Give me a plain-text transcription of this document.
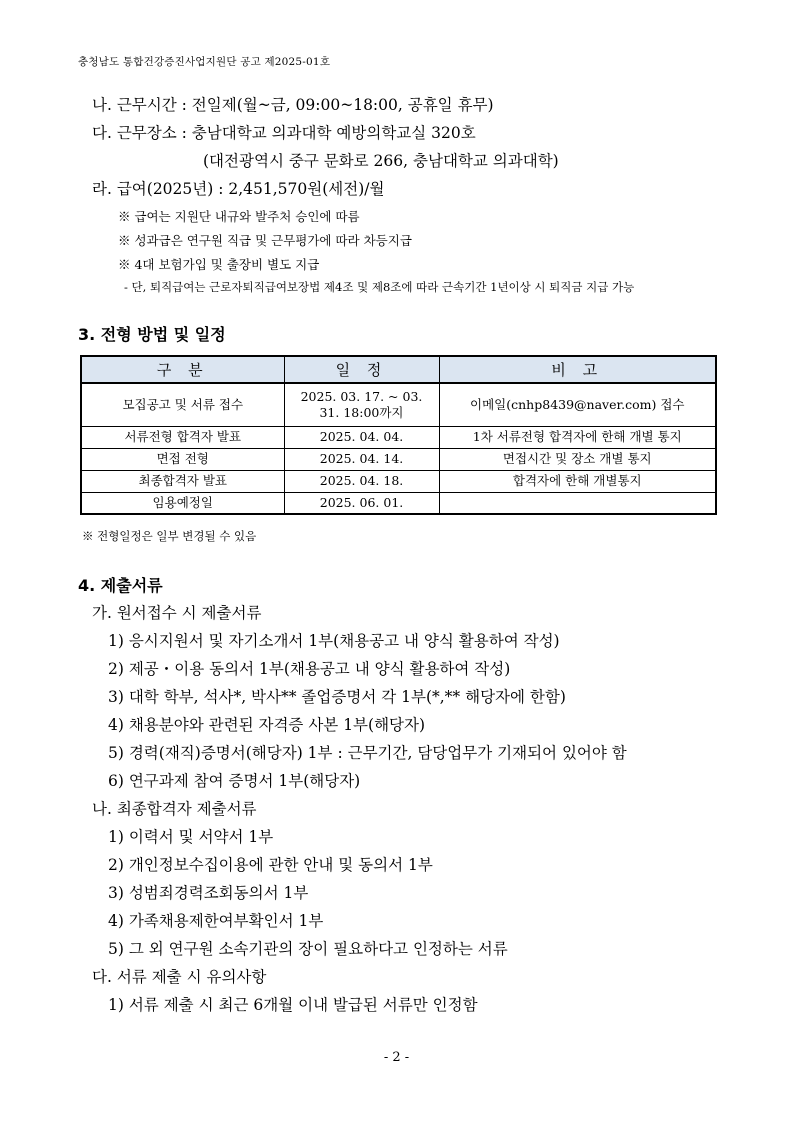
충청남도 통합건강증진사업지원단 공고 제2025-01호
나. 근무시간 : 전일제(월~금, 09:00~18:00, 공휴일 휴무)
다. 근무장소 : 충남대학교 의과대학 예방의학교실 320호
(대전광역시 중구 문화로 266, 충남대학교 의과대학)
라. 급여(2025년) : 2,451,570원(세전)/월
※ 급여는 지원단 내규와 발주처 승인에 따름
※ 성과급은 연구원 직급 및 근무평가에 따라 차등지급
※ 4대 보험가입 및 출장비 별도 지급
- 단, 퇴직급여는 근로자퇴직급여보장법 제4조 및 제8조에 따라 근속기간 1년이상 시 퇴직금 지급 가능
3. 전형 방법 및 일정
구 분	일 정	비 고
모집공고 및 서류 접수	2025. 03. 17. ~ 03. 31. 18:00까지	이메일(cnhp8439@naver.com) 접수
서류전형 합격자 발표	2025. 04. 04.	1차 서류전형 합격자에 한해 개별 통지
면접 전형	2025. 04. 14.	면접시간 및 장소 개별 통지
최종합격자 발표	2025. 04. 18.	합격자에 한해 개별통지
임용예정일	2025. 06. 01.	
※ 전형일정은 일부 변경될 수 있음
4. 제출서류
가. 원서접수 시 제출서류
1) 응시지원서 및 자기소개서 1부(채용공고 내 양식 활용하여 작성)
2) 제공・이용 동의서 1부(채용공고 내 양식 활용하여 작성)
3) 대학 학부, 석사*, 박사** 졸업증명서 각 1부(*,** 해당자에 한함)
4) 채용분야와 관련된 자격증 사본 1부(해당자)
5) 경력(재직)증명서(해당자) 1부 : 근무기간, 담당업무가 기재되어 있어야 함
6) 연구과제 참여 증명서 1부(해당자)
나. 최종합격자 제출서류
1) 이력서 및 서약서 1부
2) 개인정보수집이용에 관한 안내 및 동의서 1부
3) 성범죄경력조회동의서 1부
4) 가족채용제한여부확인서 1부
5) 그 외 연구원 소속기관의 장이 필요하다고 인정하는 서류
다. 서류 제출 시 유의사항
1) 서류 제출 시 최근 6개월 이내 발급된 서류만 인정함
- 2 -
